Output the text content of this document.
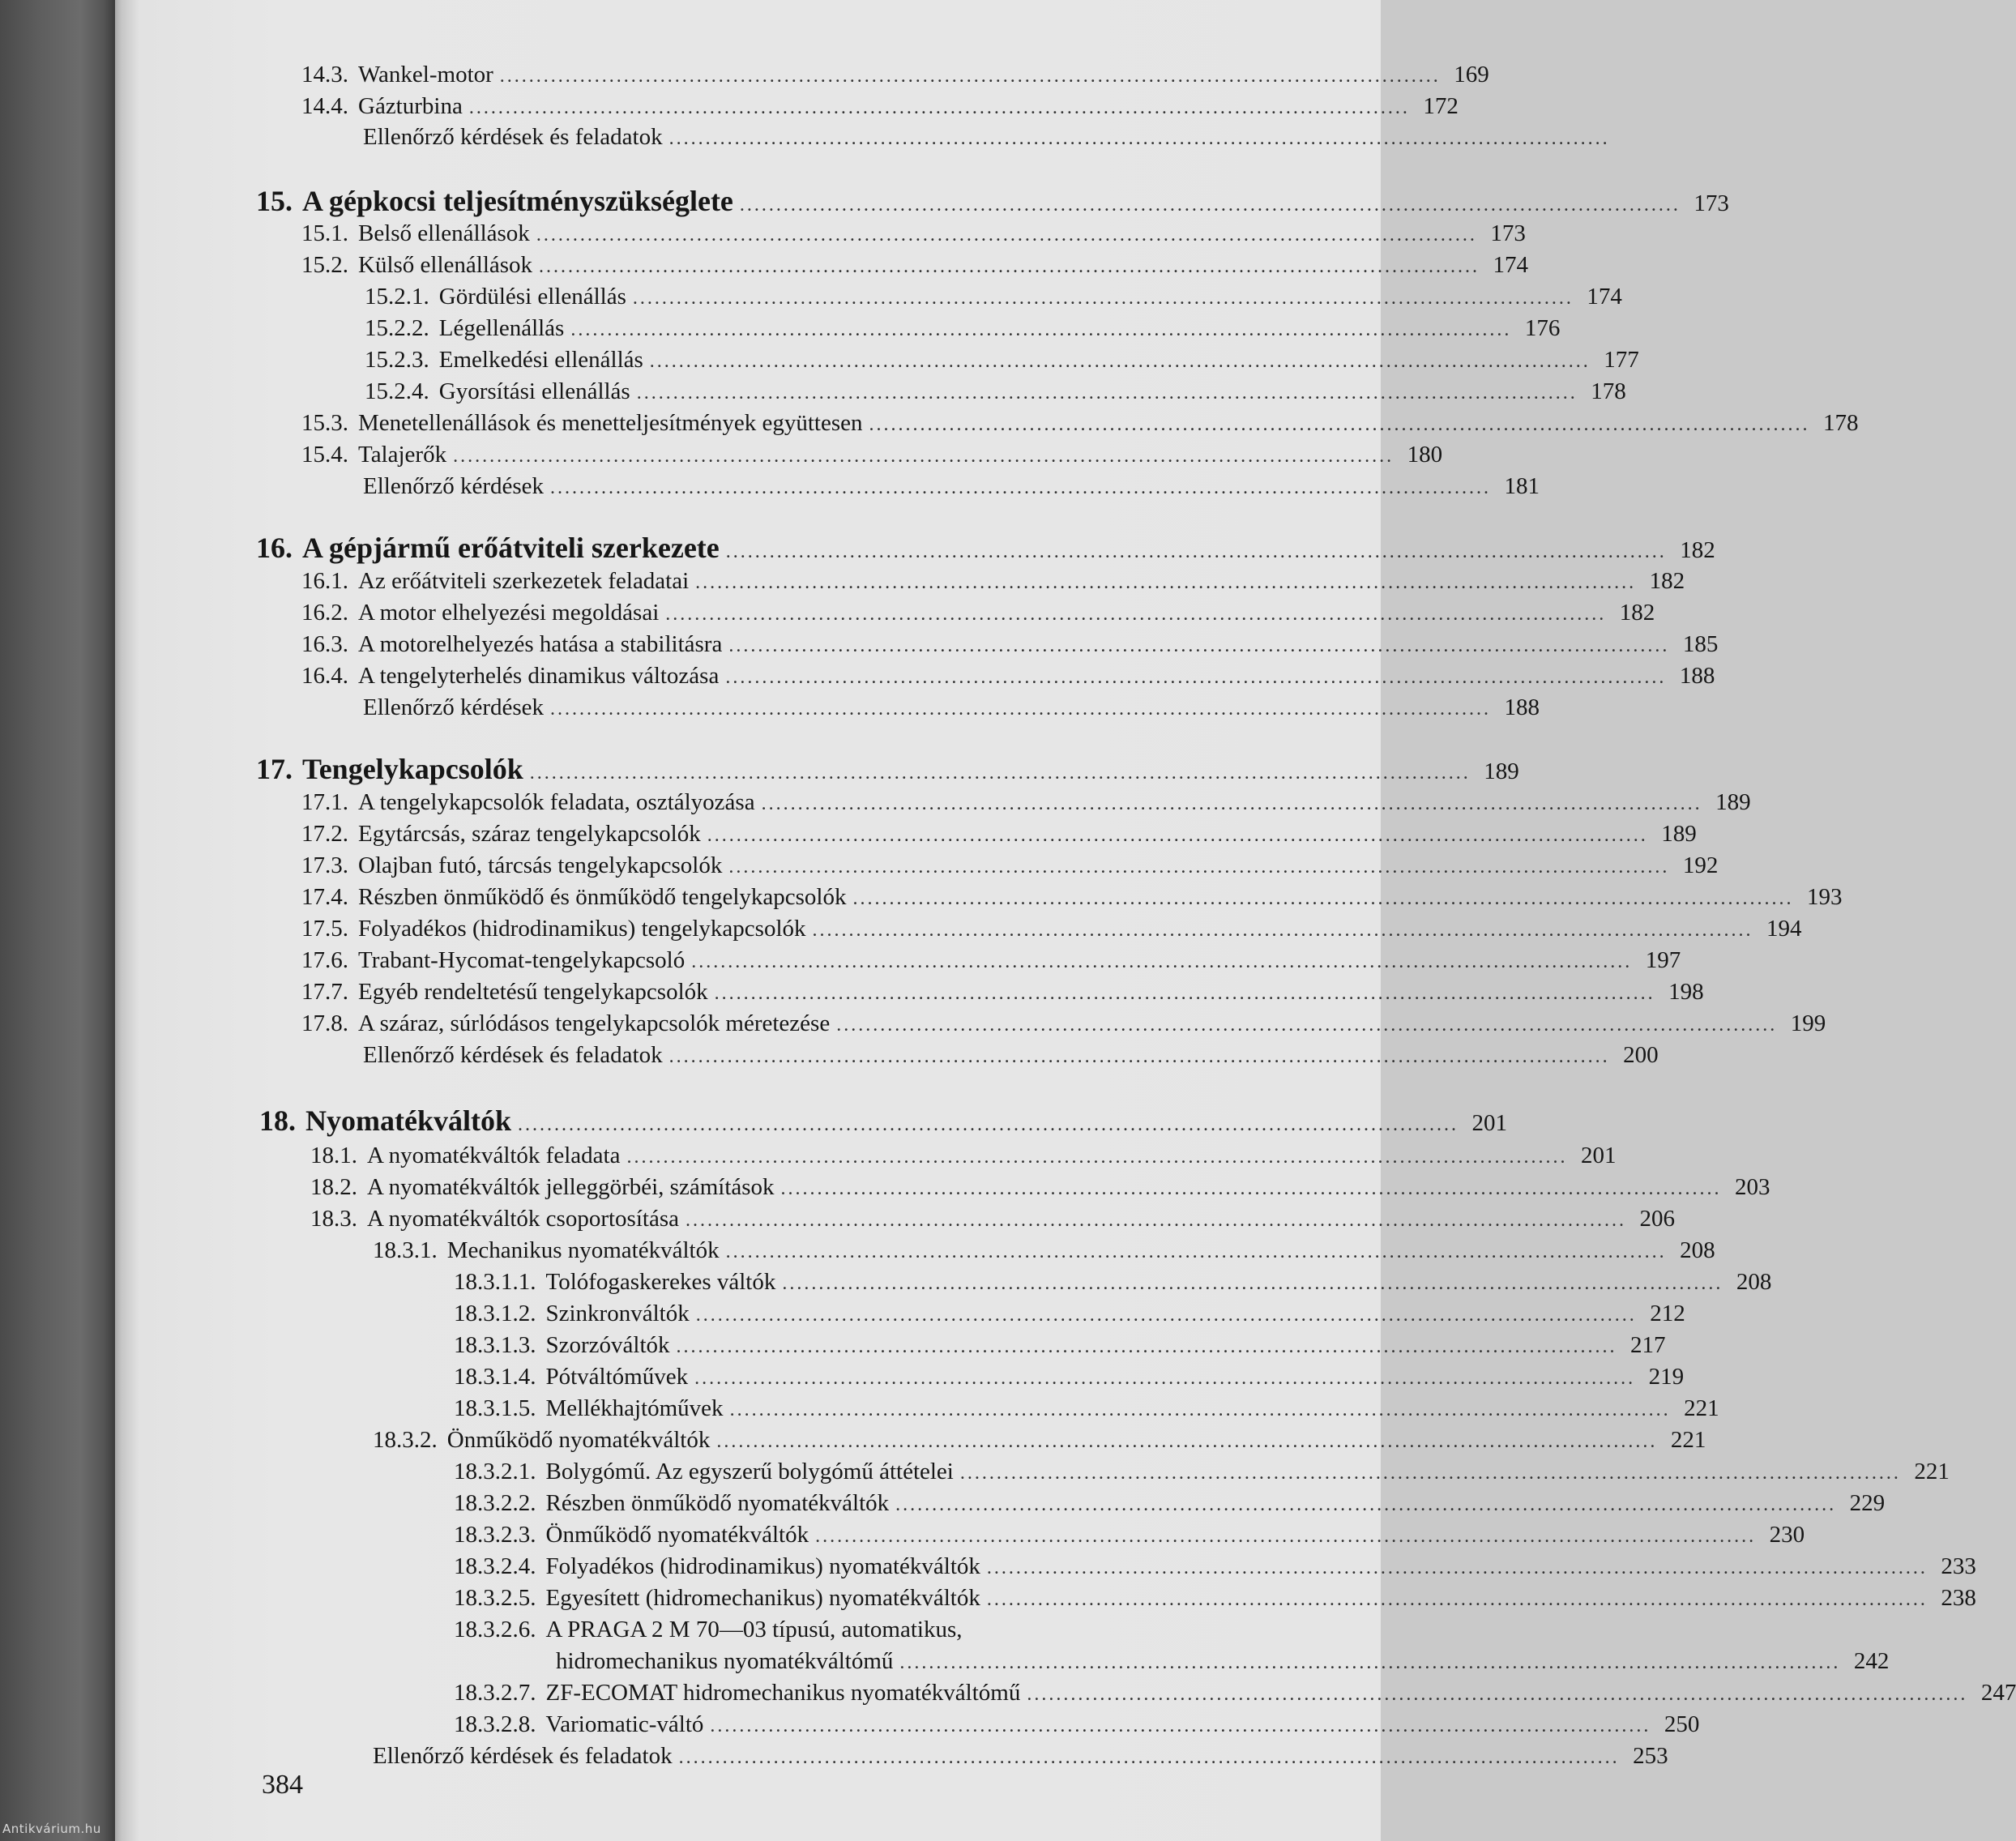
14.3. Wankel-motor ................................................................................................................................. 169
14.4. Gázturbina ................................................................................................................................. 172
Ellenőrző kérdések és feladatok .................................................................................................................................
15. A gépkocsi teljesítményszükséglete ................................................................................................................................. 173
15.1. Belső ellenállások ................................................................................................................................. 173
15.2. Külső ellenállások ................................................................................................................................. 174
15.2.1. Gördülési ellenállás ................................................................................................................................. 174
15.2.2. Légellenállás ................................................................................................................................. 176
15.2.3. Emelkedési ellenállás ................................................................................................................................. 177
15.2.4. Gyorsítási ellenállás ................................................................................................................................. 178
15.3. Menetellenállások és menetteljesítmények együttesen ................................................................................................................................. 178
15.4. Talajerők ................................................................................................................................. 180
Ellenőrző kérdések ................................................................................................................................. 181
16. A gépjármű erőátviteli szerkezete ................................................................................................................................. 182
16.1. Az erőátviteli szerkezetek feladatai ................................................................................................................................. 182
16.2. A motor elhelyezési megoldásai ................................................................................................................................. 182
16.3. A motorelhelyezés hatása a stabilitásra ................................................................................................................................. 185
16.4. A tengelyterhelés dinamikus változása ................................................................................................................................. 188
Ellenőrző kérdések ................................................................................................................................. 188
17. Tengelykapcsolók ................................................................................................................................. 189
17.1. A tengelykapcsolók feladata, osztályozása ................................................................................................................................. 189
17.2. Egytárcsás, száraz tengelykapcsolók ................................................................................................................................. 189
17.3. Olajban futó, tárcsás tengelykapcsolók ................................................................................................................................. 192
17.4. Részben önműködő és önműködő tengelykapcsolók ................................................................................................................................. 193
17.5. Folyadékos (hidrodinamikus) tengelykapcsolók ................................................................................................................................. 194
17.6. Trabant-Hycomat-tengelykapcsoló ................................................................................................................................. 197
17.7. Egyéb rendeltetésű tengelykapcsolók ................................................................................................................................. 198
17.8. A száraz, súrlódásos tengelykapcsolók méretezése ................................................................................................................................. 199
Ellenőrző kérdések és feladatok ................................................................................................................................. 200
18. Nyomatékváltók ................................................................................................................................. 201
18.1. A nyomatékváltók feladata ................................................................................................................................. 201
18.2. A nyomatékváltók jelleggörbéi, számítások ................................................................................................................................. 203
18.3. A nyomatékváltók csoportosítása ................................................................................................................................. 206
18.3.1. Mechanikus nyomatékváltók ................................................................................................................................. 208
18.3.1.1. Tolófogaskerekes váltók ................................................................................................................................. 208
18.3.1.2. Szinkronváltók ................................................................................................................................. 212
18.3.1.3. Szorzóváltók ................................................................................................................................. 217
18.3.1.4. Pótváltóművek ................................................................................................................................. 219
18.3.1.5. Mellékhajtóművek ................................................................................................................................. 221
18.3.2. Önműködő nyomatékváltók ................................................................................................................................. 221
18.3.2.1. Bolygómű. Az egyszerű bolygómű áttételei ................................................................................................................................. 221
18.3.2.2. Részben önműködő nyomatékváltók ................................................................................................................................. 229
18.3.2.3. Önműködő nyomatékváltók ................................................................................................................................. 230
18.3.2.4. Folyadékos (hidrodinamikus) nyomatékváltók ................................................................................................................................. 233
18.3.2.5. Egyesített (hidromechanikus) nyomatékváltók ................................................................................................................................. 238
18.3.2.6. A PRAGA 2 M 70—03 típusú, automatikus,
hidromechanikus nyomatékváltómű ................................................................................................................................. 242
18.3.2.7. ZF-ECOMAT hidromechanikus nyomatékváltómű ................................................................................................................................. 247
18.3.2.8. Variomatic-váltó ................................................................................................................................. 250
Ellenőrző kérdések és feladatok ................................................................................................................................. 253
384
Antikvárium.hu
